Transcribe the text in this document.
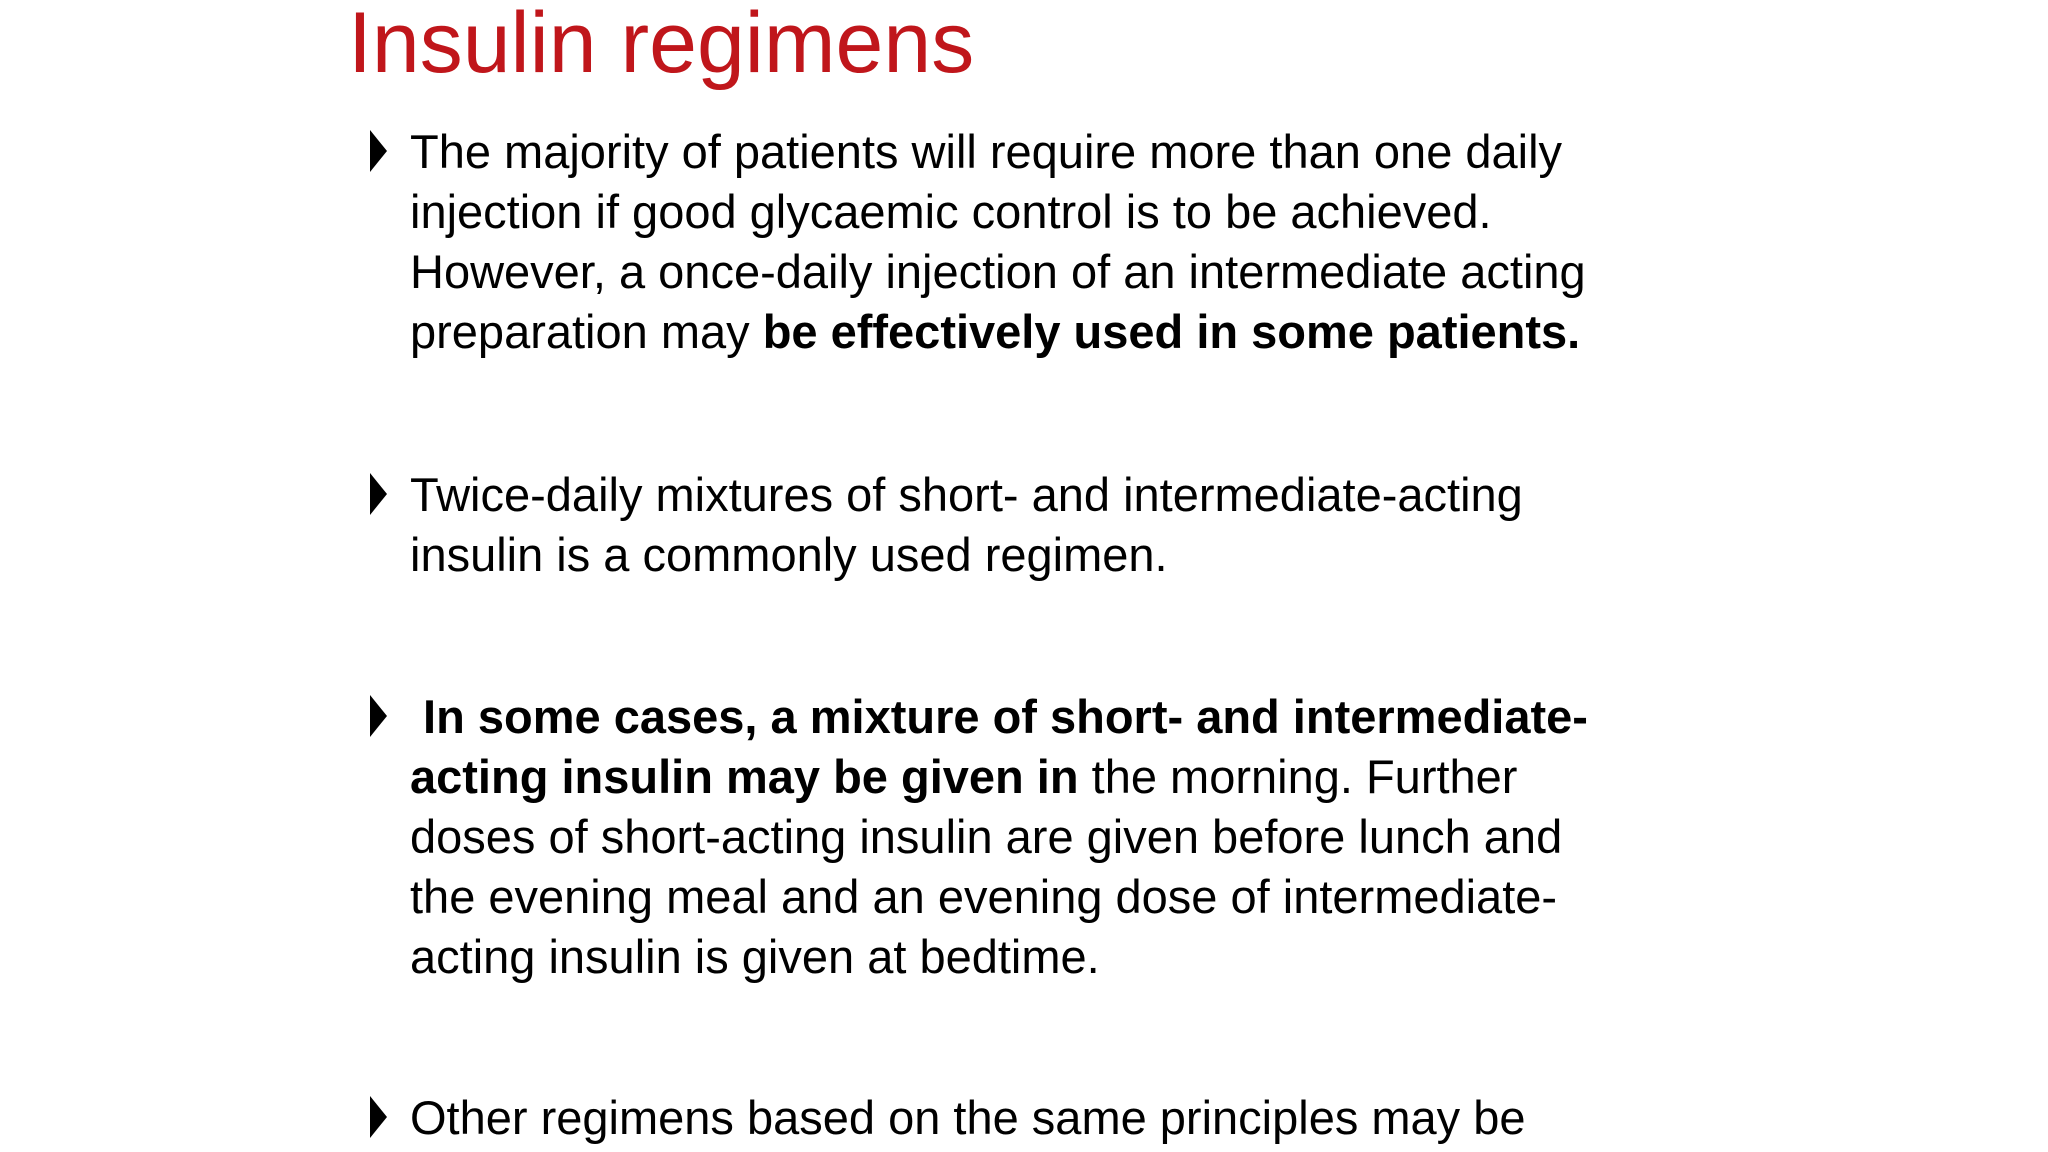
Insulin regimens

The majority of patients will require more than one daily
injection if good glycaemic control is to be achieved.
However, a once-daily injection of an intermediate acting
preparation may be effectively used in some patients.

Twice-daily mixtures of short- and intermediate-acting
insulin is a commonly used regimen.

In some cases, a mixture of short- and intermediate-
acting insulin may be given in the morning. Further
doses of short-acting insulin are given before lunch and
the evening meal and an evening dose of intermediate-
acting insulin is given at bedtime.

Other regimens based on the same principles may be
